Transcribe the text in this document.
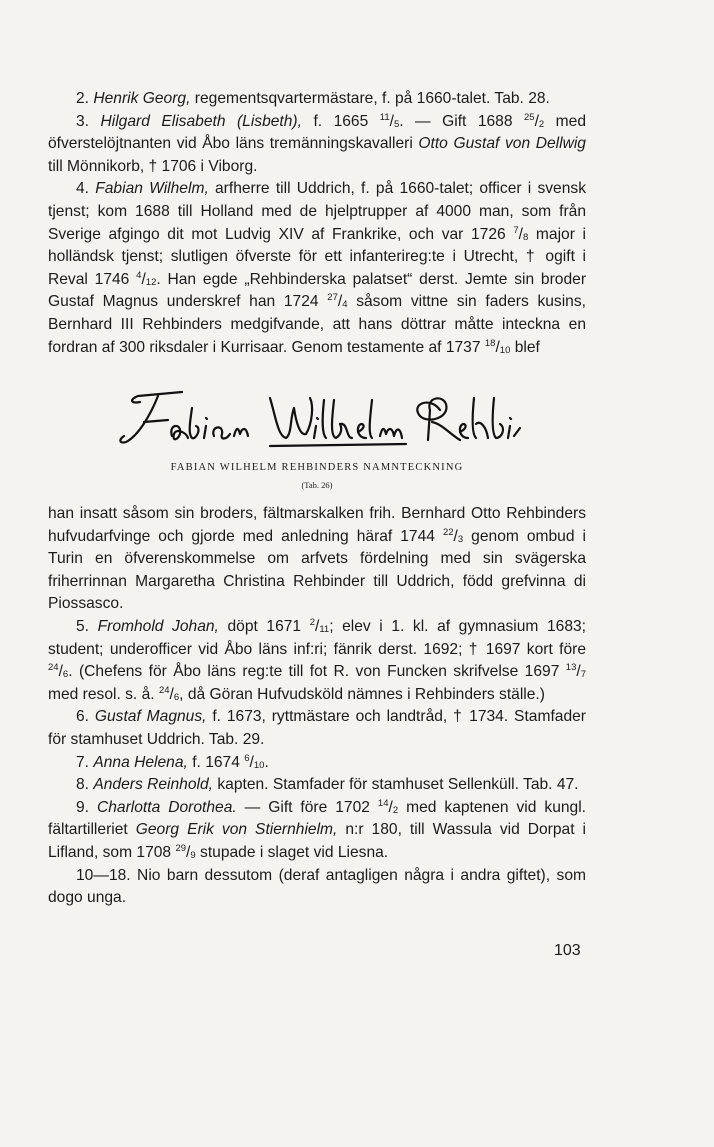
2. Henrik Georg, regementsqvartermästare, f. på 1660-talet. Tab. 28.

3. Hilgard Elisabeth (Lisbeth), f. 1665 $^{11}/_5$. — Gift 1688 $^{25}/_2$ med öfverstelöjtnanten vid Åbo läns tremänningskavalleri Otto Gustaf von Dellwig till Mönnikorb, † 1706 i Viborg.

4. Fabian Wilhelm, arfherre till Uddrich, f. på 1660-talet; officer i svensk tjenst; kom 1688 till Holland med de hjelptrupper af 4000 man, som från Sverige afgingo dit mot Ludvig XIV af Frankrike, och var 1726 $^7/_8$ major i holländsk tjenst; slutligen öfverste för ett infanterireg:te i Utrecht, † ogift i Reval 1746 $^4/_{12}$. Han egde „Rehbinderska palatset“ derst. Jemte sin broder Gustaf Magnus underskref han 1724 $^{27}/_4$ såsom vittne sin faders kusins, Bernhard III Rehbinders medgifvande, att hans döttrar måtte inteckna en fordran af 300 riksdaler i Kurrisaar. Genom testamente af 1737 $^{18}/_{10}$ blef

FABIAN WILHELM REHBINDERS NAMNTECKNING
(Tab. 26)

han insatt såsom sin broders, fältmarskalken frih. Bernhard Otto Rehbinders hufvudarfvinge och gjorde med anledning häraf 1744 $^{22}/_3$ genom ombud i Turin en öfverenskommelse om arfvets fördelning med sin svägerska friherrinnan Margaretha Christina Rehbinder till Uddrich, född grefvinna di Piossasco.

5. Fromhold Johan, döpt 1671 $^2/_{11}$; elev i 1. kl. af gymnasium 1683; student; underofficer vid Åbo läns inf:ri; fänrik derst. 1692; † 1697 kort före $^{24}/_6$. (Chefens för Åbo läns reg:te till fot R. von Funcken skrifvelse 1697 $^{13}/_7$ med resol. s. å. $^{24}/_6$, då Göran Hufvudsköld nämnes i Rehbinders ställe.)

6. Gustaf Magnus, f. 1673, ryttmästare och landtråd, † 1734. Stamfader för stamhuset Uddrich. Tab. 29.

7. Anna Helena, f. 1674 $^6/_{10}$.

8. Anders Reinhold, kapten. Stamfader för stamhuset Sellenküll. Tab. 47.

9. Charlotta Dorothea. — Gift före 1702 $^{14}/_2$ med kaptenen vid kungl. fältartilleriet Georg Erik von Stiernhielm, n:r 180, till Wassula vid Dorpat i Lifland, som 1708 $^{29}/_9$ stupade i slaget vid Liesna.

10—18. Nio barn dessutom (deraf antagligen några i andra giftet), som dogo unga.

103
